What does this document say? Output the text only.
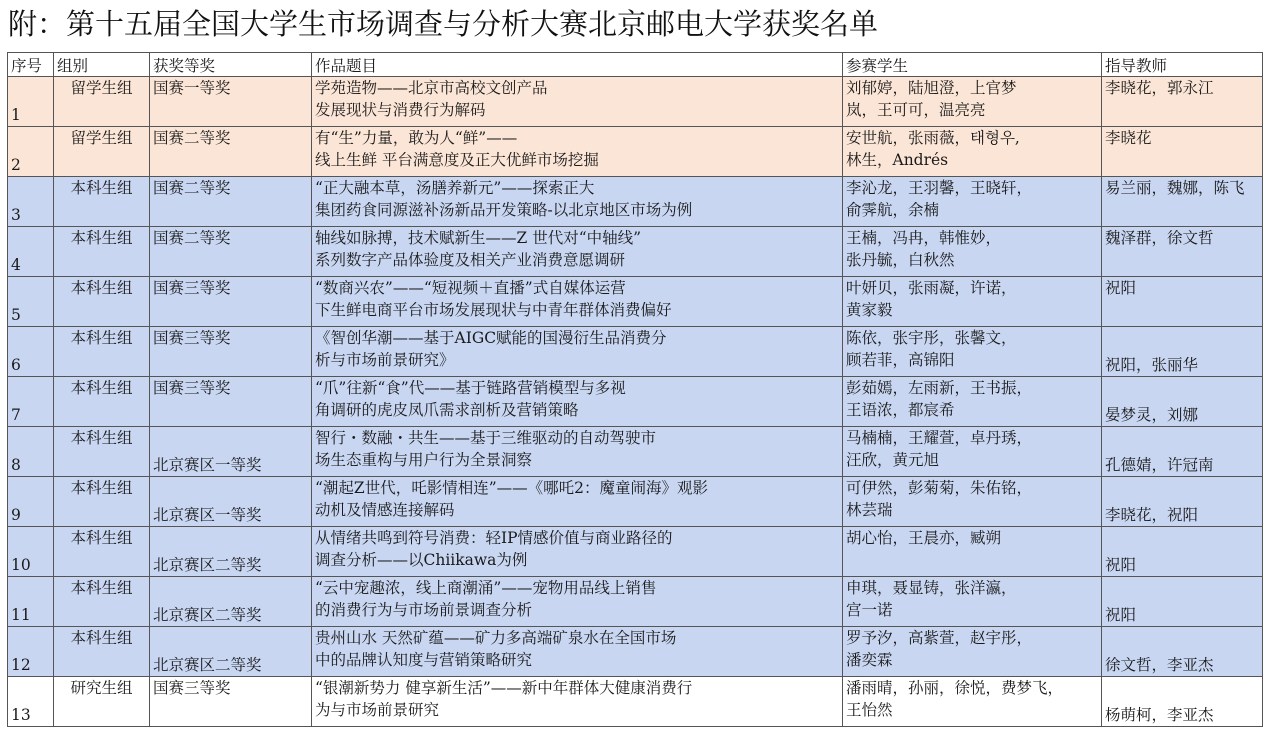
附：第十五届全国大学生市场调查与分析大赛北京邮电大学获奖名单
序号	组别	获奖等奖	作品题目	参赛学生	指导教师

1	留学生组	国赛一等奖	学苑造物——北京市高校文创产品
发展现状与消费行为解码	刘郁婷，陆旭澄，上官梦
岚，王可可，温亮亮	李晓花，郭永江

2	留学生组	国赛二等奖	有“生”力量，敢为人“鲜”——
线上生鲜 平台满意度及正大优鲜市场挖掘	安世航，张雨薇，태형우,
林生，Andrés	李晓花

3	本科生组	国赛二等奖	“正大融本草，汤膳养新元”——探索正大
集团药食同源滋补汤新品开发策略-以北京地区市场为例	李沁龙，王羽馨，王晓轩，
俞霁航，余楠	易兰丽，魏娜，陈飞

4	本科生组	国赛二等奖	轴线如脉搏，技术赋新生——Z 世代对“中轴线”
系列数字产品体验度及相关产业消费意愿调研	王楠，冯冉，韩惟妙，
张丹毓，白秋然	魏泽群，徐文哲

5	本科生组	国赛三等奖	“数商兴农”——“短视频＋直播”式自媒体运营
下生鲜电商平台市场发展现状与中青年群体消费偏好	叶妍贝，张雨凝，许诺，
黄家毅	祝阳

6	本科生组	国赛三等奖	《智创华潮——基于AIGC赋能的国漫衍生品消费分
析与市场前景研究》	陈依，张宇彤，张馨文，
顾若菲，高锦阳	祝阳，张丽华

7	本科生组	国赛三等奖	“爪”往新“食”代——基于链路营销模型与多视
角调研的虎皮凤爪需求剖析及营销策略	彭茹嫣，左雨新，王书振，
王语浓，都宸希	晏梦灵，刘娜

8	本科生组	北京赛区一等奖	智行・数融・共生——基于三维驱动的自动驾驶市
场生态重构与用户行为全景洞察	马楠楠，王耀萱，卓丹琇，
汪欣，黄元旭	孔德婧，许冠南

9	本科生组	北京赛区一等奖	“潮起Z世代，吒影情相连”——《哪吒2：魔童闹海》观影
动机及情感连接解码	可伊然，彭菊菊，朱佑铭，
林芸瑞	李晓花，祝阳

10	本科生组	北京赛区二等奖	从情绪共鸣到符号消费：轻IP情感价值与商业路径的
调查分析——以Chiikawa为例	胡心怡，王晨亦，臧朔	祝阳

11	本科生组	北京赛区二等奖	“云中宠趣浓，线上商潮涌”——宠物用品线上销售
的消费行为与市场前景调查分析	申琪，聂显铸，张洋瀛，
宫一诺	祝阳

12	本科生组	北京赛区二等奖	贵州山水 天然矿蕴——矿力多高端矿泉水在全国市场
中的品牌认知度与营销策略研究	罗予汐，高紫萱，赵宇彤，
潘奕霖	徐文哲，李亚杰

13	研究生组	国赛三等奖	“银潮新势力 健享新生活”——新中年群体大健康消费行
为与市场前景研究	潘雨晴，孙丽，徐悦，费梦飞，
王怡然	杨萌柯，李亚杰
